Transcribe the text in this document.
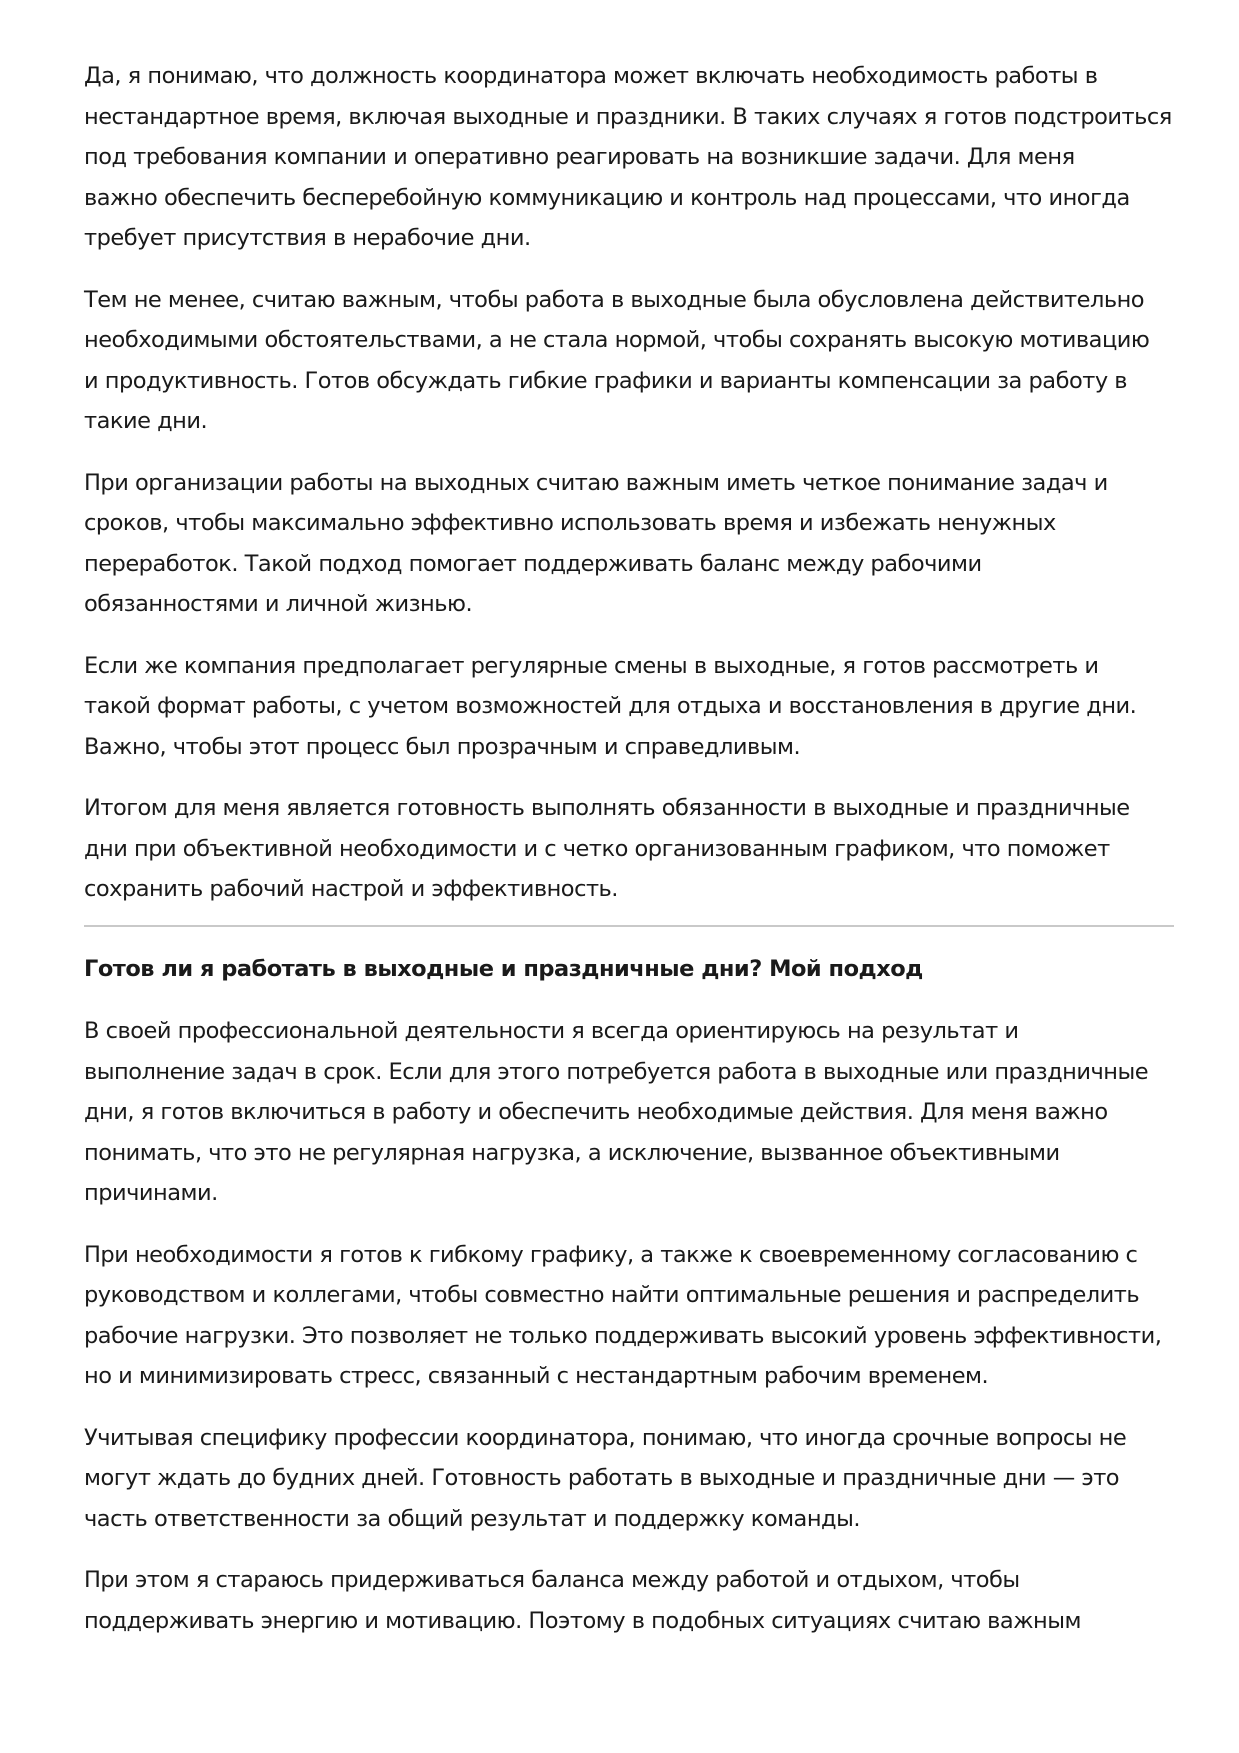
Да, я понимаю, что должность координатора может включать необходимость работы в
нестандартное время, включая выходные и праздники. В таких случаях я готов подстроиться
под требования компании и оперативно реагировать на возникшие задачи. Для меня
важно обеспечить бесперебойную коммуникацию и контроль над процессами, что иногда
требует присутствия в нерабочие дни.
Тем не менее, считаю важным, чтобы работа в выходные была обусловлена действительно
необходимыми обстоятельствами, а не стала нормой, чтобы сохранять высокую мотивацию
и продуктивность. Готов обсуждать гибкие графики и варианты компенсации за работу в
такие дни.
При организации работы на выходных считаю важным иметь четкое понимание задач и
сроков, чтобы максимально эффективно использовать время и избежать ненужных
переработок. Такой подход помогает поддерживать баланс между рабочими
обязанностями и личной жизнью.
Если же компания предполагает регулярные смены в выходные, я готов рассмотреть и
такой формат работы, с учетом возможностей для отдыха и восстановления в другие дни.
Важно, чтобы этот процесс был прозрачным и справедливым.
Итогом для меня является готовность выполнять обязанности в выходные и праздничные
дни при объективной необходимости и с четко организованным графиком, что поможет
сохранить рабочий настрой и эффективность.
Готов ли я работать в выходные и праздничные дни? Мой подход
В своей профессиональной деятельности я всегда ориентируюсь на результат и
выполнение задач в срок. Если для этого потребуется работа в выходные или праздничные
дни, я готов включиться в работу и обеспечить необходимые действия. Для меня важно
понимать, что это не регулярная нагрузка, а исключение, вызванное объективными
причинами.
При необходимости я готов к гибкому графику, а также к своевременному согласованию с
руководством и коллегами, чтобы совместно найти оптимальные решения и распределить
рабочие нагрузки. Это позволяет не только поддерживать высокий уровень эффективности,
но и минимизировать стресс, связанный с нестандартным рабочим временем.
Учитывая специфику профессии координатора, понимаю, что иногда срочные вопросы не
могут ждать до будних дней. Готовность работать в выходные и праздничные дни — это
часть ответственности за общий результат и поддержку команды.
При этом я стараюсь придерживаться баланса между работой и отдыхом, чтобы
поддерживать энергию и мотивацию. Поэтому в подобных ситуациях считаю важным
